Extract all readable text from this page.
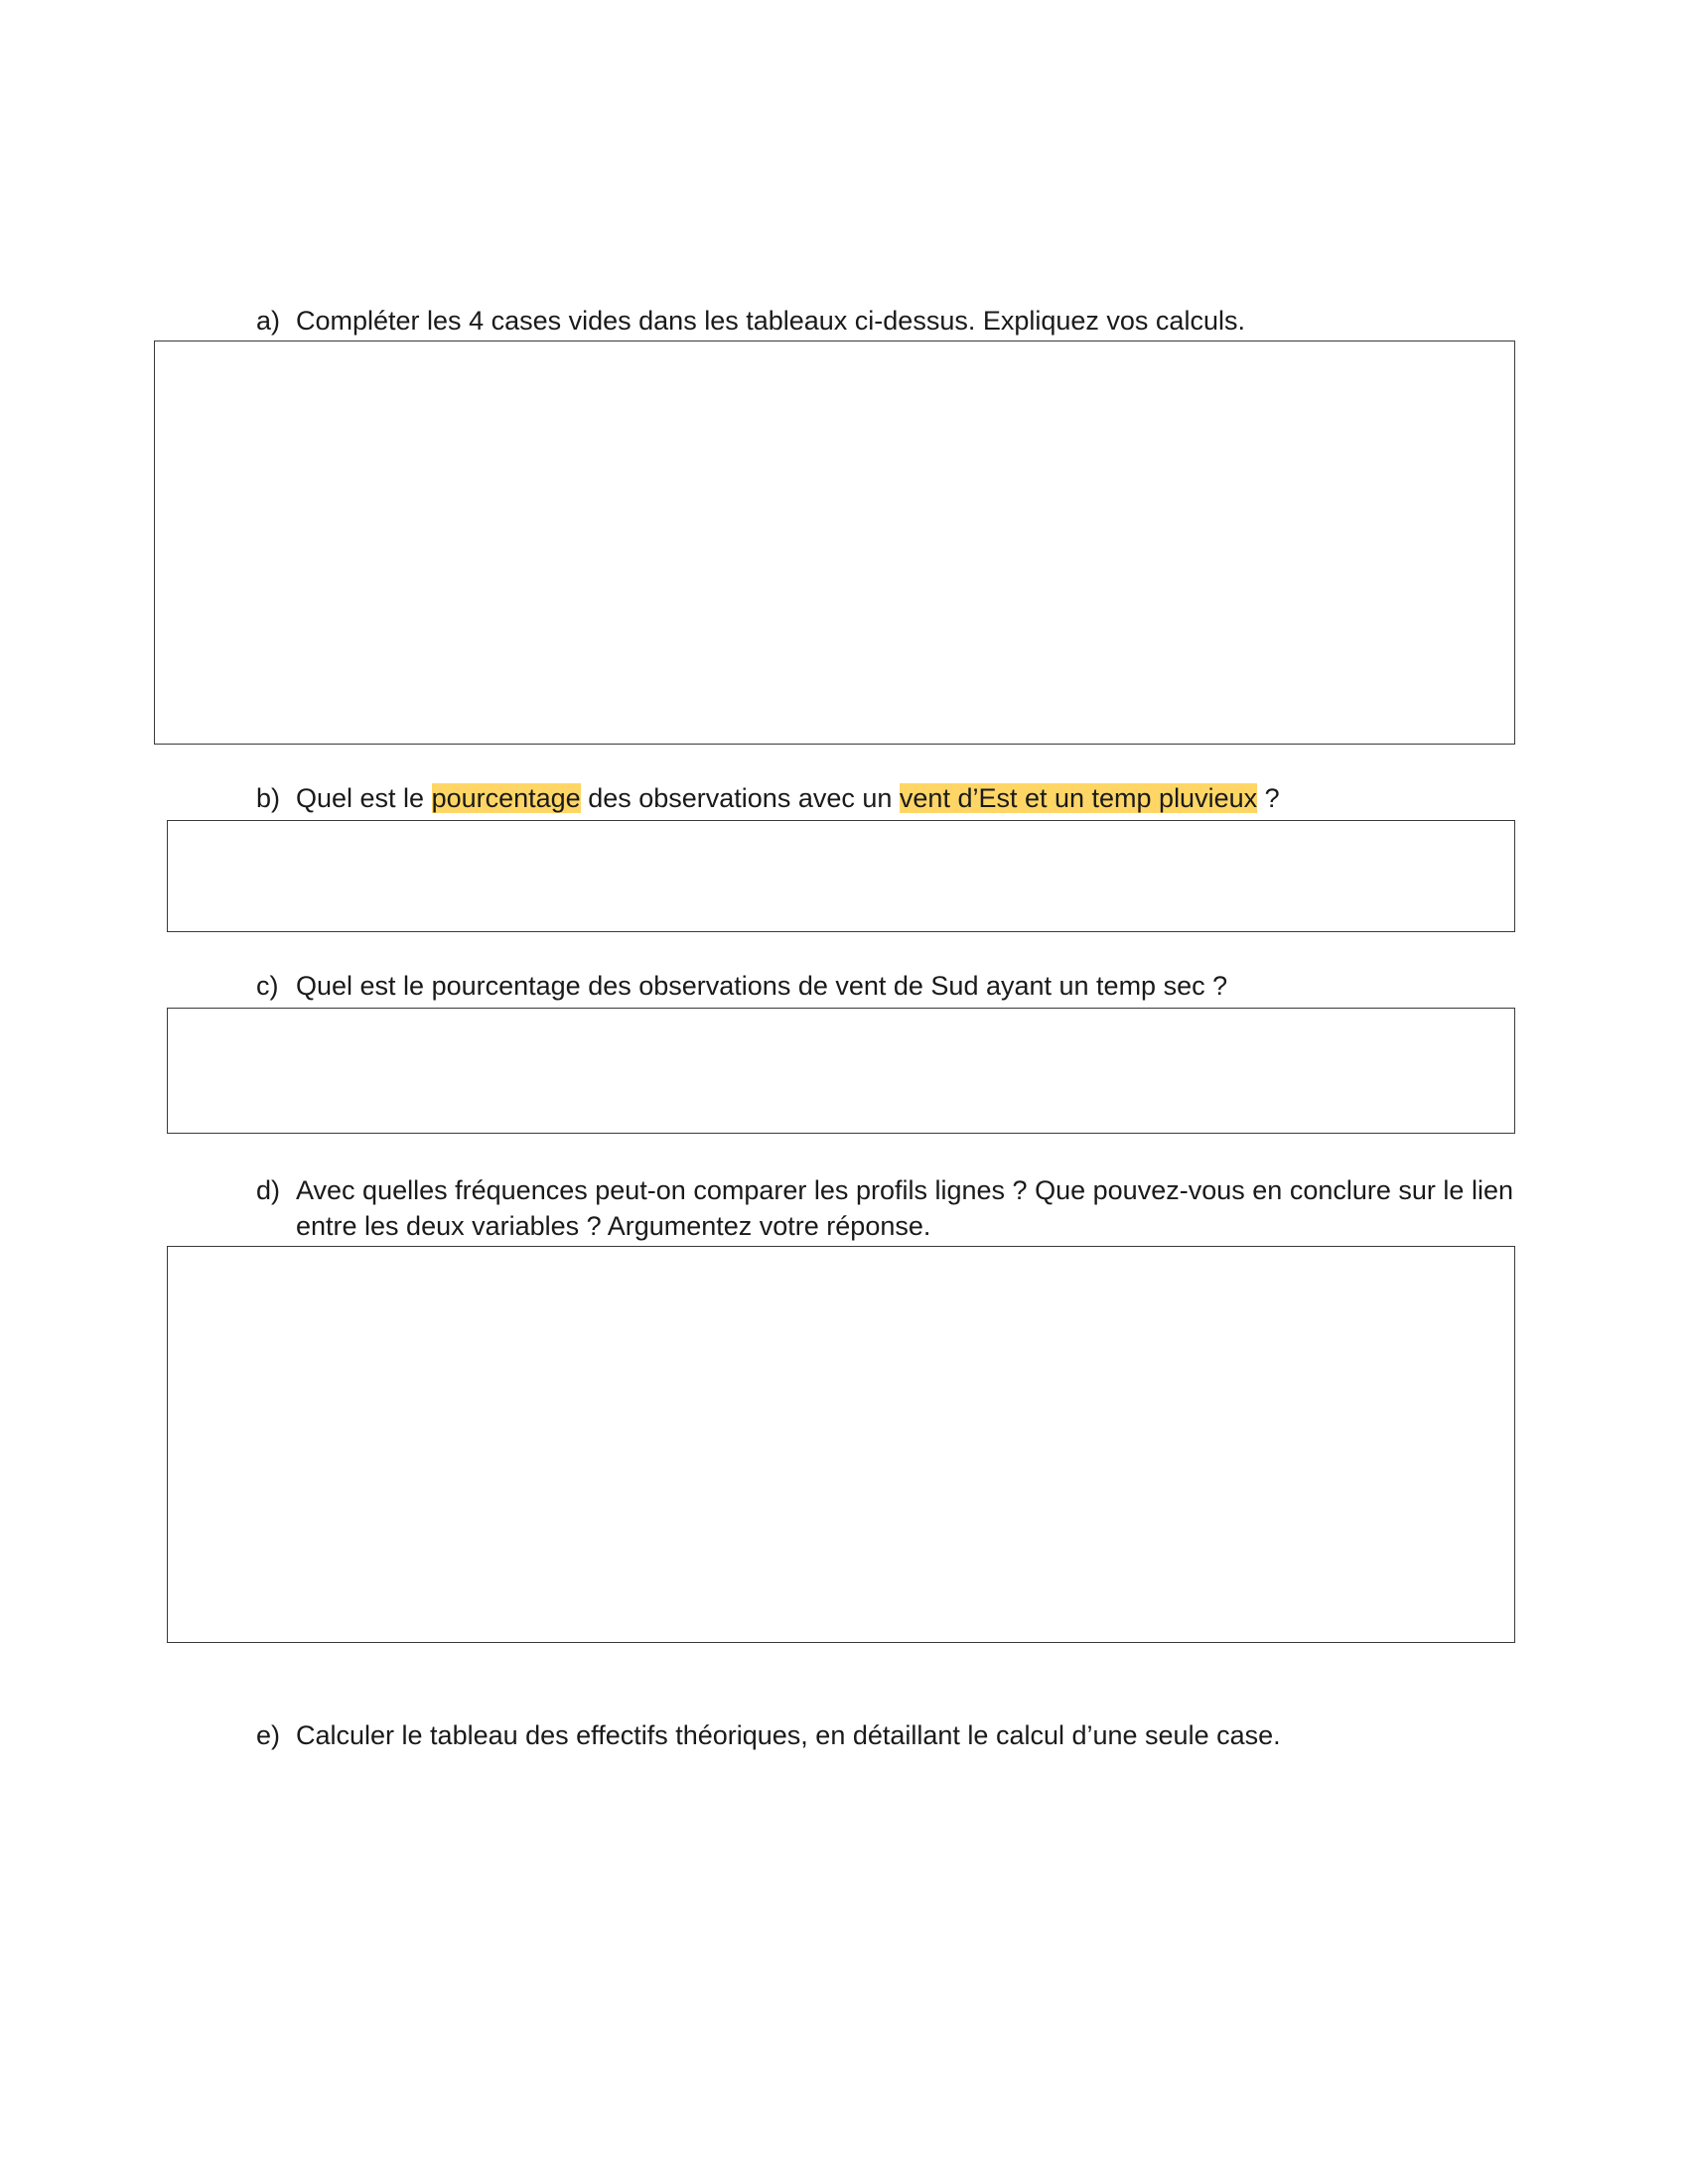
a) Compléter les 4 cases vides dans les tableaux ci-dessus. Expliquez vos calculs.
b) Quel est le pourcentage des observations avec un vent d’Est et un temp pluvieux ?
c) Quel est le pourcentage des observations de vent de Sud ayant un temp sec ?
d) Avec quelles fréquences peut-on comparer les profils lignes ? Que pouvez-vous en conclure sur le lien entre les deux variables ? Argumentez votre réponse.
e) Calculer le tableau des effectifs théoriques, en détaillant le calcul d’une seule case.
